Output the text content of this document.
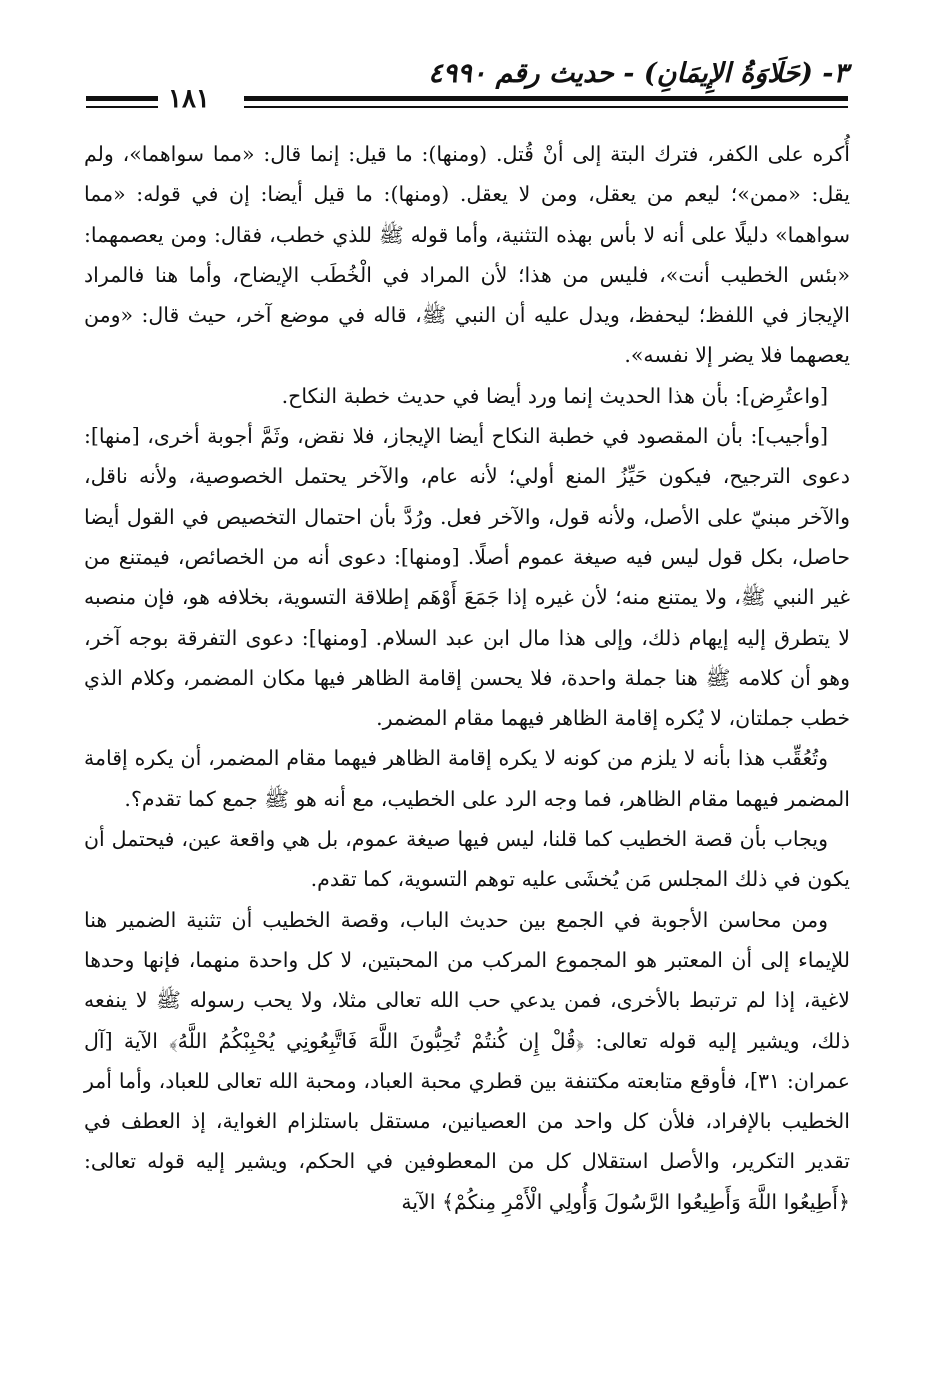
٣- (حَلَاوَةُ الإِيمَانِ) - حديث رقم ٤٩٩٠
١٨١

أُكره على الكفر، فترك البتة إلى أنْ قُتل. (ومنها): ما قيل: إنما قال: «مما سواهما»، ولم يقل: «ممن»؛ ليعم من يعقل، ومن لا يعقل. (ومنها): ما قيل أيضا: إن في قوله: «مما سواهما» دليلًا على أنه لا بأس بهذه التثنية، وأما قوله ﷺ للذي خطب، فقال: ومن يعصمهما: «بئس الخطيب أنت»، فليس من هذا؛ لأن المراد في الْخُطَب الإيضاح، وأما هنا فالمراد الإيجاز في اللفظ؛ ليحفظ، ويدل عليه أن النبي ﷺ، قاله في موضع آخر، حيث قال: «ومن يعصهما فلا يضر إلا نفسه».

[واعتُرِض]: بأن هذا الحديث إنما ورد أيضا في حديث خطبة النكاح.

[وأجيب]: بأن المقصود في خطبة النكاح أيضا الإيجاز، فلا نقض، وثَمَّ أجوبة أخرى، [منها]: دعوى الترجيح، فيكون حَيِّزُ المنع أولي؛ لأنه عام، والآخر يحتمل الخصوصية، ولأنه ناقل، والآخر مبنيّ على الأصل، ولأنه قول، والآخر فعل. ورُدَّ بأن احتمال التخصيص في القول أيضا حاصل، بكل قول ليس فيه صيغة عموم أصلًا. [ومنها]: دعوى أنه من الخصائص، فيمتنع من غير النبي ﷺ، ولا يمتنع منه؛ لأن غيره إذا جَمَعَ أَوْهَم إطلاقة التسوية، بخلافه هو، فإن منصبه لا يتطرق إليه إيهام ذلك، وإلى هذا مال ابن عبد السلام. [ومنها]: دعوى التفرقة بوجه آخر، وهو أن كلامه ﷺ هنا جملة واحدة، فلا يحسن إقامة الظاهر فيها مكان المضمر، وكلام الذي خطب جملتان، لا يُكره إقامة الظاهر فيهما مقام المضمر.

وتُعُقِّب هذا بأنه لا يلزم من كونه لا يكره إقامة الظاهر فيهما مقام المضمر، أن يكره إقامة المضمر فيهما مقام الظاهر، فما وجه الرد على الخطيب، مع أنه هو ﷺ جمع كما تقدم؟.

ويجاب بأن قصة الخطيب كما قلنا، ليس فيها صيغة عموم، بل هي واقعة عين، فيحتمل أن يكون في ذلك المجلس مَن يُخشَى عليه توهم التسوية، كما تقدم.

ومن محاسن الأجوبة في الجمع بين حديث الباب، وقصة الخطيب أن تثنية الضمير هنا للإيماء إلى أن المعتبر هو المجموع المركب من المحبتين، لا كل واحدة منهما، فإنها وحدها لاغية، إذا لم ترتبط بالأخرى، فمن يدعي حب الله تعالى مثلا، ولا يحب رسوله ﷺ لا ينفعه ذلك، ويشير إليه قوله تعالى: ﴿قُلْ إِن كُنتُمْ تُحِبُّونَ اللَّهَ فَاتَّبِعُونِي يُحْبِبْكُمُ اللَّهُ﴾ الآية [آل عمران: ٣١]، فأوقع متابعته مكتنفة بين قطري محبة العباد، ومحبة الله تعالى للعباد، وأما أمر الخطيب بالإفراد، فلأن كل واحد من العصيانين، مستقل باستلزام الغواية، إذ العطف في تقدير التكرير، والأصل استقلال كل من المعطوفين في الحكم، ويشير إليه قوله تعالى: ﴿أَطِيعُوا اللَّهَ وَأَطِيعُوا الرَّسُولَ وَأُولِي الْأَمْرِ مِنكُمْ﴾ الآية
